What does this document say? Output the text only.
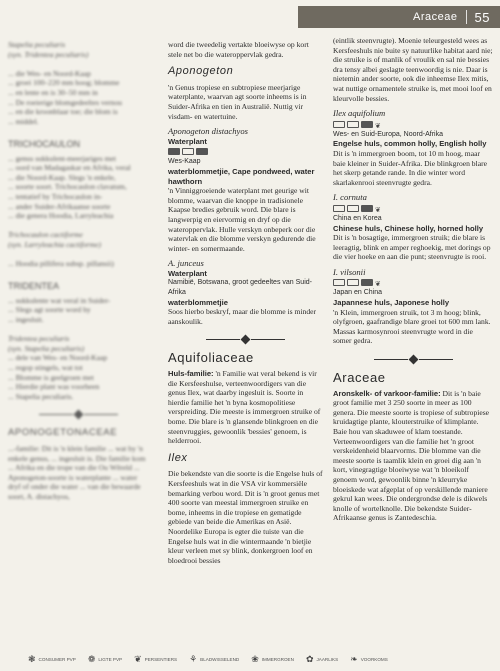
Araceae 55
Stapelia peculiaris
(syn. Tridentea peculiaris)

... die Wes- en Noord-Kaap
... groei 100–220 mm hoog; blomme
... en lente en is 30–50 mm in
... De roeierige blomgedeeltes vernou
... en die kroonblaar toe; die blom is
... middel.

TRICHOCAULON
... genus sukkulent-meerjariges met
... oord van Madagaskar en Afrika, veral
... die Noord-Kaap. Slegs 'n enkele,
... soorte soort. Trichocaulon clavatum,
... tentatief by Trichocaulon in-
... ander Suider-Afrikaanse soorte
... die genera Hoodia, Larryleachia

Trichocaulon cactiforme
(syn. Larryleachia cactiforme)

... Hoodia pillifera subsp. pillansii)

TRIDENTEA
... sukkulente wat veral in Suider-
... Slegs agt soorte word by
... ingesluit.

Tridentea peculiaris
(syn. Stapelia peculiaris)
... dele van Wes- en Noord-Kaap
... regop stingels, wat tot
... Blomme is geelgroen met
... Hierdie plant was voorheen
... Stapelia peculiaris.
APONOGETONACEAE

...-familie: Dit is 'n klein familie ... wat by 'n enkele genus, ... ingesluit is. Die familie kom ... Afrika en die trope van die Ou Wêreld ... Aponogeton-soorte is waterplante ... water dryf of onder die water ... van die bewaarde soort, A. distachyos,

word die tweedelig vertakte bloeiwyse op kort stele net bo die wateroppervlak gedra.

Aponogeton

'n Genus tropiese en subtropiese meerjarige waterplante, waarvan agt soorte inheems is in Suider-Afrika en tien in Australië. Nuttig vir visdam- en watertuine.

Aponogeton distachyos
Waterplant
Wes-Kaap
waterblommetjie, Cape pondweed, water hawthorn

'n Vinniggroeiende waterplant met geurige wit blomme, waarvan die knoppe in tradisionele Kaapse bredies gebruik word. Die blare is langwerpig en eiervormig en dryf op die wateroppervlak. Hulle verskyn onbeperk oor die watervlak en die blomme verskyn gedurende die winter- en somermaande.

A. junceus
Waterplant
Namibië, Botswana, groot gedeeltes van Suid-Afrika
waterblommetjie

Soos hierbo beskryf, maar die blomme is minder aanskoulik.

Aquifoliaceae

Huls-familie: 'n Familie wat veral bekend is vir die Kersfeeshulse, verteenwoordigers van die genus Ilex, wat daarby ingesluit is. Soorte in hierdie familie het 'n byna kosmopolitiese verspreiding. Die meeste is immergroen struike of bome. Die blare is 'n glansende blinkgroen en die steenvruggies, gewoonlik 'bessies' genoem, is helderrooi.

Ilex

Die bekendste van die soorte is die Engelse huls of Kersfeeshuls wat in die VSA vir kommersiële bemarking verbou word. Dit is 'n groot genus met 400 soorte van meestal immergroen struike en bome, inheems in die tropiese en gematigde gebiede van beide die Amerikas en Asië. Noordelike Europa is egter die tuiste van die Engelse huls wat in die wintermaande 'n bietjie kleur verleen met sy blink, donkergroen loof en bloedrooi bessies

(eintlik steenvrugte). Moenie teleurgesteld wees as Kersfeeshuls nie buite sy natuurlike habitat aard nie; die struike is of manlik of vroulik en sal nie bessies dra tensy albei geslagte teenwoordig is nie. Daar is nietemin ander soorte, ook die inheemse Ilex mitis, wat nuttige ornamentele struike is, met mooi loof en kleurvolle bessies.

Ilex aquifolium
❦
Wes- en Suid-Europa, Noord-Afrika
Engelse huls, common holly, English holly

Dit is 'n immergroen boom, tot 10 m hoog, maar baie kleiner in Suider-Afrika. Die blinkgroen blare het skerp getande rande. In die winter word skarlakenrooi steenvrugte gedra.

I. cornuta
❦
China en Korea
Chinese huls, Chinese holly, horned holly

Dit is 'n bosagtige, immergroen struik; die blare is leeragtig, blink en amper reghoekig, met dorings op die vier hoeke en aan die punt; steenvrugte is rooi.

I. vilsonii
❦
Japan en China
Japannese huls, Japonese holly

'n Klein, immergroen struik, tot 3 m hoog; blink, olyfgroen, gaafrandige blare groei tot 600 mm lank. Massas karmosynrooi steenvrugte word in die somer gedra.

Araceae

Aronskelk- of varkoor-familie: Dit is 'n baie groot familie met 3 250 soorte in meer as 100 genera. Die meeste soorte is tropiese of subtropiese kruidagtige plante, klouterstruike of klimplante. Baie hou van skaduwee of klam toestande. Verteenwoordigers van die familie het 'n groot verskeidenheid blaarvorms. Die blomme van die meeste soorte is taamlik klein en groei dig aan 'n kort, vinegragtige bloeiwyse wat 'n bloeikolf genoem word, gewoonlik binne 'n kleurryke bloeiskede wat afgeplat of op verskillende maniere gekrul kan wees. Die ondergrondse dele is dikwels knolle of wortelknolle. Die bekendste Suider-Afrikaanse genus is Zantedeschia.

❃ CONSUMER PVP ❁ LIGTE PVP ❦ PERSENTIERS ⚘ BLADWISSELEND ❀ IMMERGROEN ✿ JAARLIKS ❧ VOORKOMS
